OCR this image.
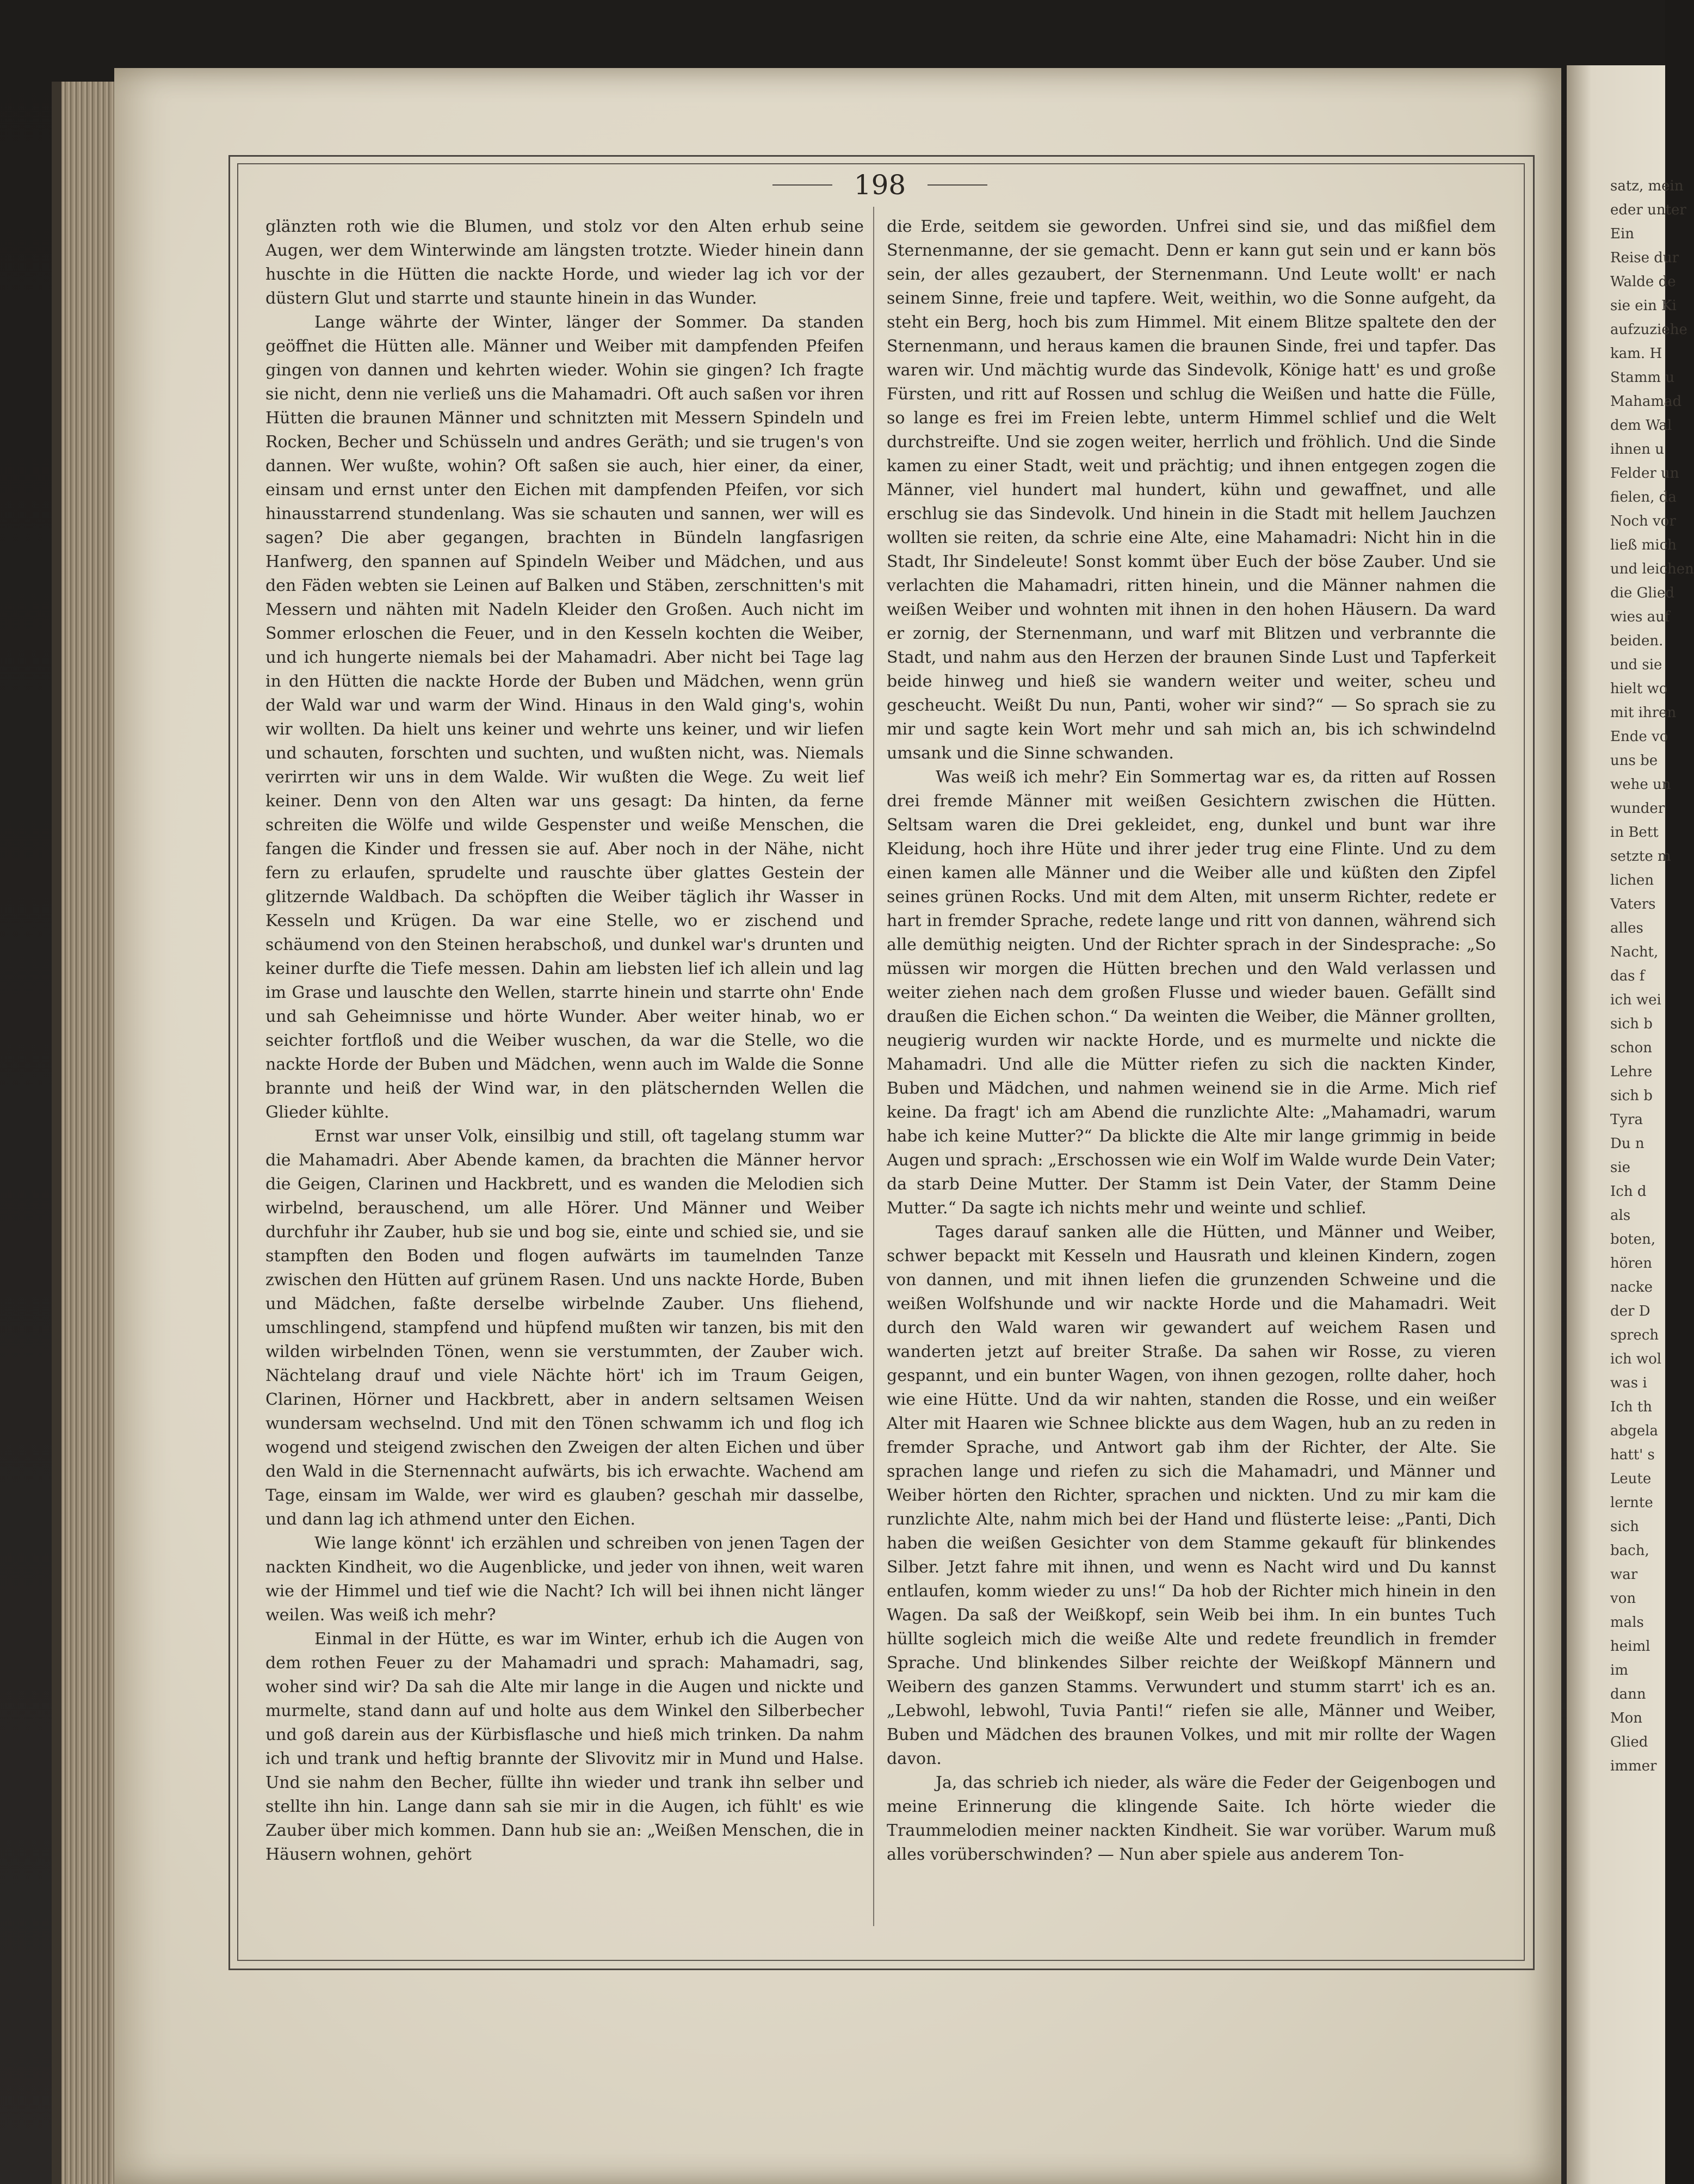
satz, mein
eder unter
Ein
Reise dur
Walde de
sie ein Ki
aufzuziehe
kam. H
Stamm u
Mahamad
dem Wal
ihnen u
Felder un
fielen, da
Noch vor
ließ mich
und leichen
die Glied
wies auf
beiden.
und sie
hielt wo
mit ihren
Ende vo
uns be
wehe un
wunder
in Bett
setzte m
lichen
Vaters
alles
Nacht,
das f
ich wei
sich b
schon
Lehre
sich b
Tyra
Du n
sie
Ich d
als
boten,
hören
nacke
der D
sprech
ich wol
was i
Ich th
abgela
hatt' s
Leute
lernte
sich
bach,
war
von
mals
heiml
im
dann
Mon
Glied
immer
198

glänzten roth wie die Blumen, und stolz vor den Alten erhub seine Augen, wer dem Winterwinde am längsten trotzte. Wieder hinein dann huschte in die Hütten die nackte Horde, und wieder lag ich vor der düstern Glut und starrte und staunte hinein in das Wunder.

Lange währte der Winter, länger der Sommer. Da standen geöffnet die Hütten alle. Männer und Weiber mit dampfenden Pfeifen gingen von dannen und kehrten wieder. Wohin sie gingen? Ich fragte sie nicht, denn nie verließ uns die Mahamadri. Oft auch saßen vor ihren Hütten die braunen Männer und schnitzten mit Messern Spindeln und Rocken, Becher und Schüsseln und andres Geräth; und sie trugen's von dannen. Wer wußte, wohin? Oft saßen sie auch, hier einer, da einer, einsam und ernst unter den Eichen mit dampfenden Pfeifen, vor sich hinausstarrend stundenlang. Was sie schauten und sannen, wer will es sagen? Die aber gegangen, brachten in Bündeln langfasrigen Hanfwerg, den spannen auf Spindeln Weiber und Mädchen, und aus den Fäden webten sie Leinen auf Balken und Stäben, zerschnitten's mit Messern und nähten mit Nadeln Kleider den Großen. Auch nicht im Sommer erloschen die Feuer, und in den Kesseln kochten die Weiber, und ich hungerte niemals bei der Mahamadri. Aber nicht bei Tage lag in den Hütten die nackte Horde der Buben und Mädchen, wenn grün der Wald war und warm der Wind. Hinaus in den Wald ging's, wohin wir wollten. Da hielt uns keiner und wehrte uns keiner, und wir liefen und schauten, forschten und suchten, und wußten nicht, was. Niemals verirrten wir uns in dem Walde. Wir wußten die Wege. Zu weit lief keiner. Denn von den Alten war uns gesagt: Da hinten, da ferne schreiten die Wölfe und wilde Gespenster und weiße Menschen, die fangen die Kinder und fressen sie auf. Aber noch in der Nähe, nicht fern zu erlaufen, sprudelte und rauschte über glattes Gestein der glitzernde Waldbach. Da schöpften die Weiber täglich ihr Wasser in Kesseln und Krügen. Da war eine Stelle, wo er zischend und schäumend von den Steinen herabschoß, und dunkel war's drunten und keiner durfte die Tiefe messen. Dahin am liebsten lief ich allein und lag im Grase und lauschte den Wellen, starrte hinein und starrte ohn' Ende und sah Geheimnisse und hörte Wunder. Aber weiter hinab, wo er seichter fortfloß und die Weiber wuschen, da war die Stelle, wo die nackte Horde der Buben und Mädchen, wenn auch im Walde die Sonne brannte und heiß der Wind war, in den plätschernden Wellen die Glieder kühlte.

Ernst war unser Volk, einsilbig und still, oft tagelang stumm war die Mahamadri. Aber Abende kamen, da brachten die Männer hervor die Geigen, Clarinen und Hackbrett, und es wanden die Melodien sich wirbelnd, berauschend, um alle Hörer. Und Männer und Weiber durchfuhr ihr Zauber, hub sie und bog sie, einte und schied sie, und sie stampften den Boden und flogen aufwärts im taumelnden Tanze zwischen den Hütten auf grünem Rasen. Und uns nackte Horde, Buben und Mädchen, faßte derselbe wirbelnde Zauber. Uns fliehend, umschlingend, stampfend und hüpfend mußten wir tanzen, bis mit den wilden wirbelnden Tönen, wenn sie verstummten, der Zauber wich. Nächtelang drauf und viele Nächte hört' ich im Traum Geigen, Clarinen, Hörner und Hackbrett, aber in andern seltsamen Weisen wundersam wechselnd. Und mit den Tönen schwamm ich und flog ich wogend und steigend zwischen den Zweigen der alten Eichen und über den Wald in die Sternennacht aufwärts, bis ich erwachte. Wachend am Tage, einsam im Walde, wer wird es glauben? geschah mir dasselbe, und dann lag ich athmend unter den Eichen.

Wie lange könnt' ich erzählen und schreiben von jenen Tagen der nackten Kindheit, wo die Augenblicke, und jeder von ihnen, weit waren wie der Himmel und tief wie die Nacht? Ich will bei ihnen nicht länger weilen. Was weiß ich mehr?

Einmal in der Hütte, es war im Winter, erhub ich die Augen von dem rothen Feuer zu der Mahamadri und sprach: Mahamadri, sag, woher sind wir? Da sah die Alte mir lange in die Augen und nickte und murmelte, stand dann auf und holte aus dem Winkel den Silberbecher und goß darein aus der Kürbisflasche und hieß mich trinken. Da nahm ich und trank und heftig brannte der Slivovitz mir in Mund und Halse. Und sie nahm den Becher, füllte ihn wieder und trank ihn selber und stellte ihn hin. Lange dann sah sie mir in die Augen, ich fühlt' es wie Zauber über mich kommen. Dann hub sie an: „Weißen Menschen, die in Häusern wohnen, gehört

die Erde, seitdem sie geworden. Unfrei sind sie, und das mißfiel dem Sternenmanne, der sie gemacht. Denn er kann gut sein und er kann bös sein, der alles gezaubert, der Sternenmann. Und Leute wollt' er nach seinem Sinne, freie und tapfere. Weit, weithin, wo die Sonne aufgeht, da steht ein Berg, hoch bis zum Himmel. Mit einem Blitze spaltete den der Sternenmann, und heraus kamen die braunen Sinde, frei und tapfer. Das waren wir. Und mächtig wurde das Sindevolk, Könige hatt' es und große Fürsten, und ritt auf Rossen und schlug die Weißen und hatte die Fülle, so lange es frei im Freien lebte, unterm Himmel schlief und die Welt durchstreifte. Und sie zogen weiter, herrlich und fröhlich. Und die Sinde kamen zu einer Stadt, weit und prächtig; und ihnen entgegen zogen die Männer, viel hundert mal hundert, kühn und gewaffnet, und alle erschlug sie das Sindevolk. Und hinein in die Stadt mit hellem Jauchzen wollten sie reiten, da schrie eine Alte, eine Mahamadri: Nicht hin in die Stadt, Ihr Sindeleute! Sonst kommt über Euch der böse Zauber. Und sie verlachten die Mahamadri, ritten hinein, und die Männer nahmen die weißen Weiber und wohnten mit ihnen in den hohen Häusern. Da ward er zornig, der Sternenmann, und warf mit Blitzen und verbrannte die Stadt, und nahm aus den Herzen der braunen Sinde Lust und Tapferkeit beide hinweg und hieß sie wandern weiter und weiter, scheu und gescheucht. Weißt Du nun, Panti, woher wir sind?“ — So sprach sie zu mir und sagte kein Wort mehr und sah mich an, bis ich schwindelnd umsank und die Sinne schwanden.

Was weiß ich mehr? Ein Sommertag war es, da ritten auf Rossen drei fremde Männer mit weißen Gesichtern zwischen die Hütten. Seltsam waren die Drei gekleidet, eng, dunkel und bunt war ihre Kleidung, hoch ihre Hüte und ihrer jeder trug eine Flinte. Und zu dem einen kamen alle Männer und die Weiber alle und küßten den Zipfel seines grünen Rocks. Und mit dem Alten, mit unserm Richter, redete er hart in fremder Sprache, redete lange und ritt von dannen, während sich alle demüthig neigten. Und der Richter sprach in der Sindesprache: „So müssen wir morgen die Hütten brechen und den Wald verlassen und weiter ziehen nach dem großen Flusse und wieder bauen. Gefällt sind draußen die Eichen schon.“ Da weinten die Weiber, die Männer grollten, neugierig wurden wir nackte Horde, und es murmelte und nickte die Mahamadri. Und alle die Mütter riefen zu sich die nackten Kinder, Buben und Mädchen, und nahmen weinend sie in die Arme. Mich rief keine. Da fragt' ich am Abend die runzlichte Alte: „Mahamadri, warum habe ich keine Mutter?“ Da blickte die Alte mir lange grimmig in beide Augen und sprach: „Erschossen wie ein Wolf im Walde wurde Dein Vater; da starb Deine Mutter. Der Stamm ist Dein Vater, der Stamm Deine Mutter.“ Da sagte ich nichts mehr und weinte und schlief.

Tages darauf sanken alle die Hütten, und Männer und Weiber, schwer bepackt mit Kesseln und Hausrath und kleinen Kindern, zogen von dannen, und mit ihnen liefen die grunzenden Schweine und die weißen Wolfshunde und wir nackte Horde und die Mahamadri. Weit durch den Wald waren wir gewandert auf weichem Rasen und wanderten jetzt auf breiter Straße. Da sahen wir Rosse, zu vieren gespannt, und ein bunter Wagen, von ihnen gezogen, rollte daher, hoch wie eine Hütte. Und da wir nahten, standen die Rosse, und ein weißer Alter mit Haaren wie Schnee blickte aus dem Wagen, hub an zu reden in fremder Sprache, und Antwort gab ihm der Richter, der Alte. Sie sprachen lange und riefen zu sich die Mahamadri, und Männer und Weiber hörten den Richter, sprachen und nickten. Und zu mir kam die runzlichte Alte, nahm mich bei der Hand und flüsterte leise: „Panti, Dich haben die weißen Gesichter von dem Stamme gekauft für blinkendes Silber. Jetzt fahre mit ihnen, und wenn es Nacht wird und Du kannst entlaufen, komm wieder zu uns!“ Da hob der Richter mich hinein in den Wagen. Da saß der Weißkopf, sein Weib bei ihm. In ein buntes Tuch hüllte sogleich mich die weiße Alte und redete freundlich in fremder Sprache. Und blinkendes Silber reichte der Weißkopf Männern und Weibern des ganzen Stamms. Verwundert und stumm starrt' ich es an. „Lebwohl, lebwohl, Tuvia Panti!“ riefen sie alle, Männer und Weiber, Buben und Mädchen des braunen Volkes, und mit mir rollte der Wagen davon.

Ja, das schrieb ich nieder, als wäre die Feder der Geigenbogen und meine Erinnerung die klingende Saite. Ich hörte wieder die Traummelodien meiner nackten Kindheit. Sie war vorüber. Warum muß alles vorüberschwinden? — Nun aber spiele aus anderem Ton-
